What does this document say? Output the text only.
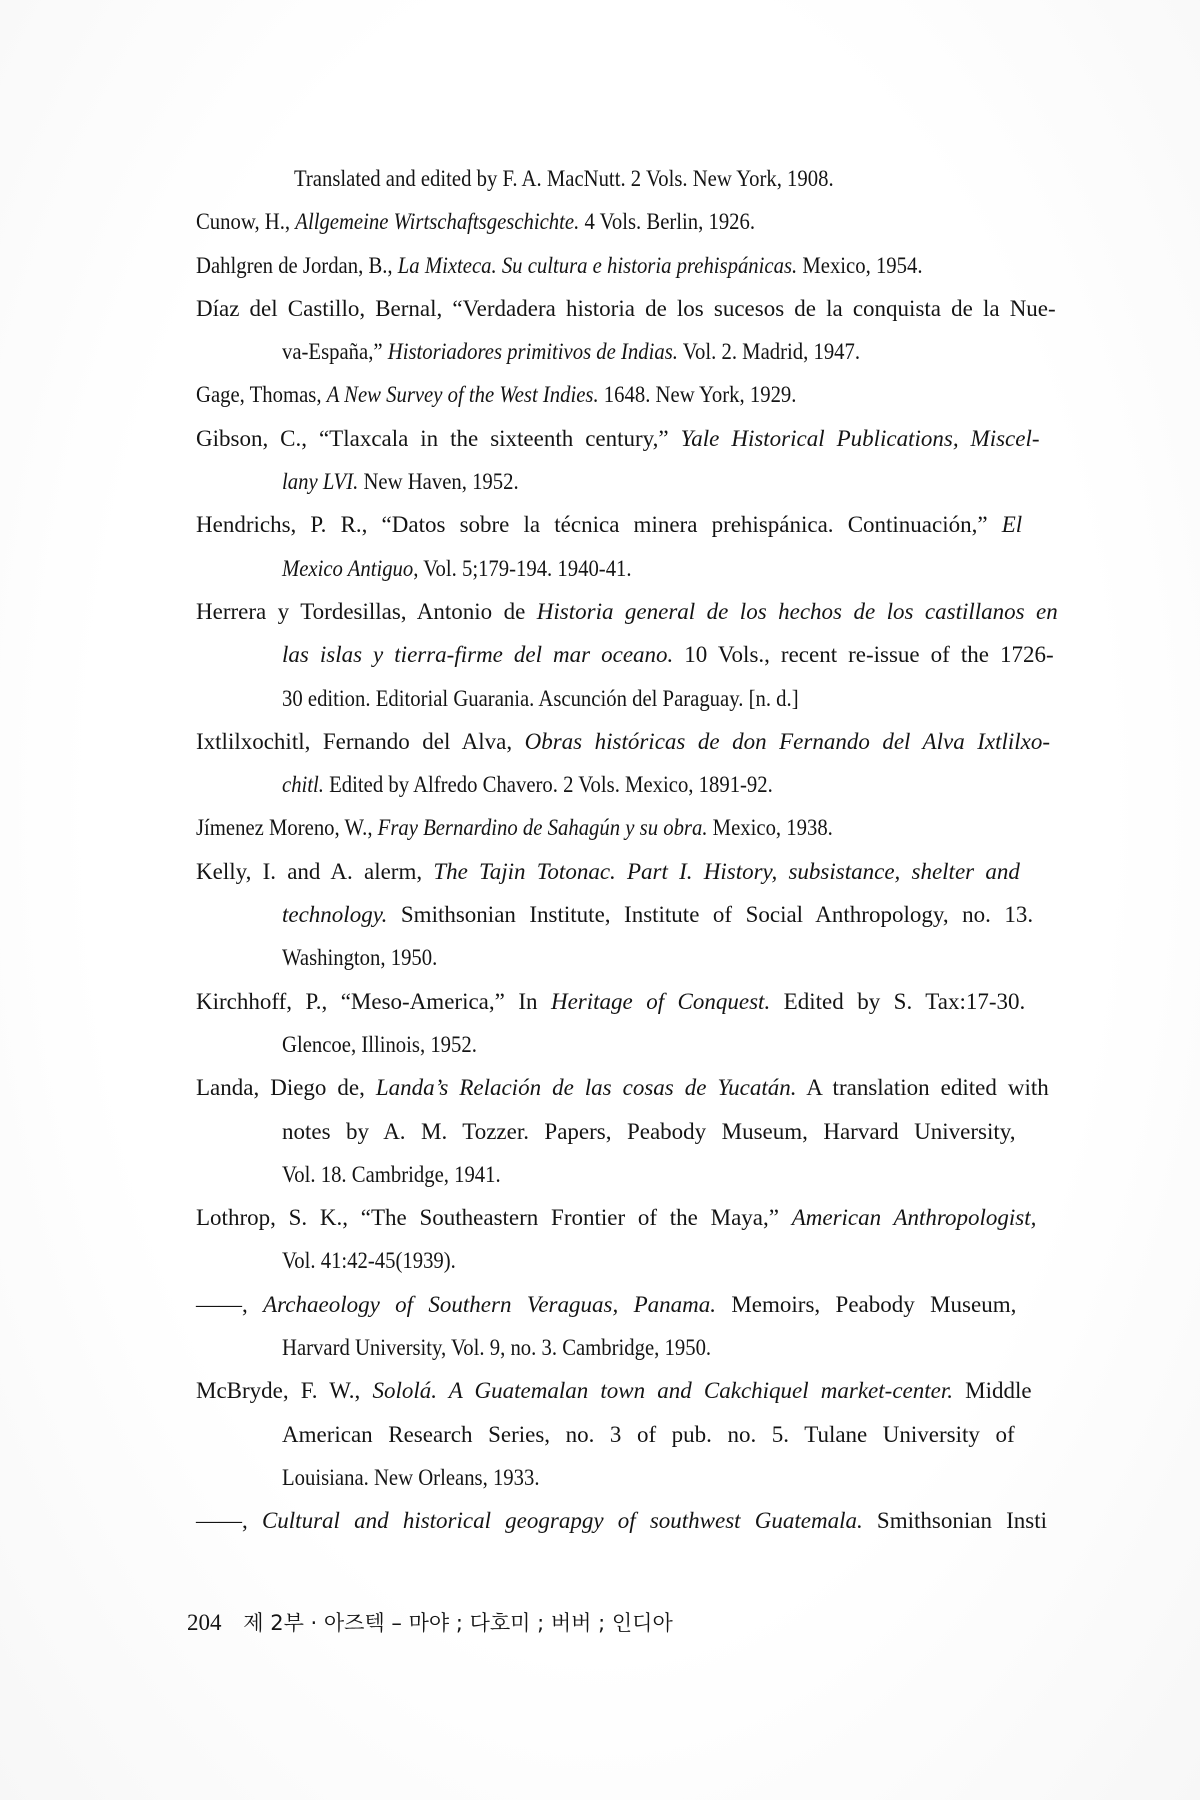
Translated and edited by F. A. MacNutt. 2 Vols. New York, 1908.
Cunow, H., Allgemeine Wirtschaftsgeschichte. 4 Vols. Berlin, 1926.
Dahlgren de Jordan, B., La Mixteca. Su cultura e historia prehispánicas. Mexico, 1954.
Díaz del Castillo, Bernal, “Verdadera historia de los sucesos de la conquista de la Nue-
va-España,” Historiadores primitivos de Indias. Vol. 2. Madrid, 1947.
Gage, Thomas, A New Survey of the West Indies. 1648. New York, 1929.
Gibson, C., “Tlaxcala in the sixteenth century,” Yale Historical Publications, Miscel-
lany LVI. New Haven, 1952.
Hendrichs, P. R., “Datos sobre la técnica minera prehispánica. Continuación,” El
Mexico Antiguo, Vol. 5;179-194. 1940-41.
Herrera y Tordesillas, Antonio de Historia general de los hechos de los castillanos en
las islas y tierra-firme del mar oceano. 10 Vols., recent re-issue of the 1726-
30 edition. Editorial Guarania. Ascunción del Paraguay. [n. d.]
Ixtlilxochitl, Fernando del Alva, Obras históricas de don Fernando del Alva Ixtlilxo-
chitl. Edited by Alfredo Chavero. 2 Vols. Mexico, 1891-92.
Jímenez Moreno, W., Fray Bernardino de Sahagún y su obra. Mexico, 1938.
Kelly, I. and A. alerm, The Tajin Totonac. Part I. History, subsistance, shelter and
technology. Smithsonian Institute, Institute of Social Anthropology, no. 13.
Washington, 1950.
Kirchhoff, P., “Meso-America,” In Heritage of Conquest. Edited by S. Tax:17-30.
Glencoe, Illinois, 1952.
Landa, Diego de, Landa’s Relación de las cosas de Yucatán. A translation edited with
notes by A. M. Tozzer. Papers, Peabody Museum, Harvard University,
Vol. 18. Cambridge, 1941.
Lothrop, S. K., “The Southeastern Frontier of the Maya,” American Anthropologist,
Vol. 41:42-45(1939).
——, Archaeology of Southern Veraguas, Panama. Memoirs, Peabody Museum,
Harvard University, Vol. 9, no. 3. Cambridge, 1950.
McBryde, F. W., Sololá. A Guatemalan town and Cakchiquel market-center. Middle
American Research Series, no. 3 of pub. no. 5. Tulane University of
Louisiana. New Orleans, 1933.
——, Cultural and historical geograpgy of southwest Guatemala. Smithsonian Insti
204 제 2부 · 아즈텍 – 마야 ; 다호미 ; 버버 ; 인디아
